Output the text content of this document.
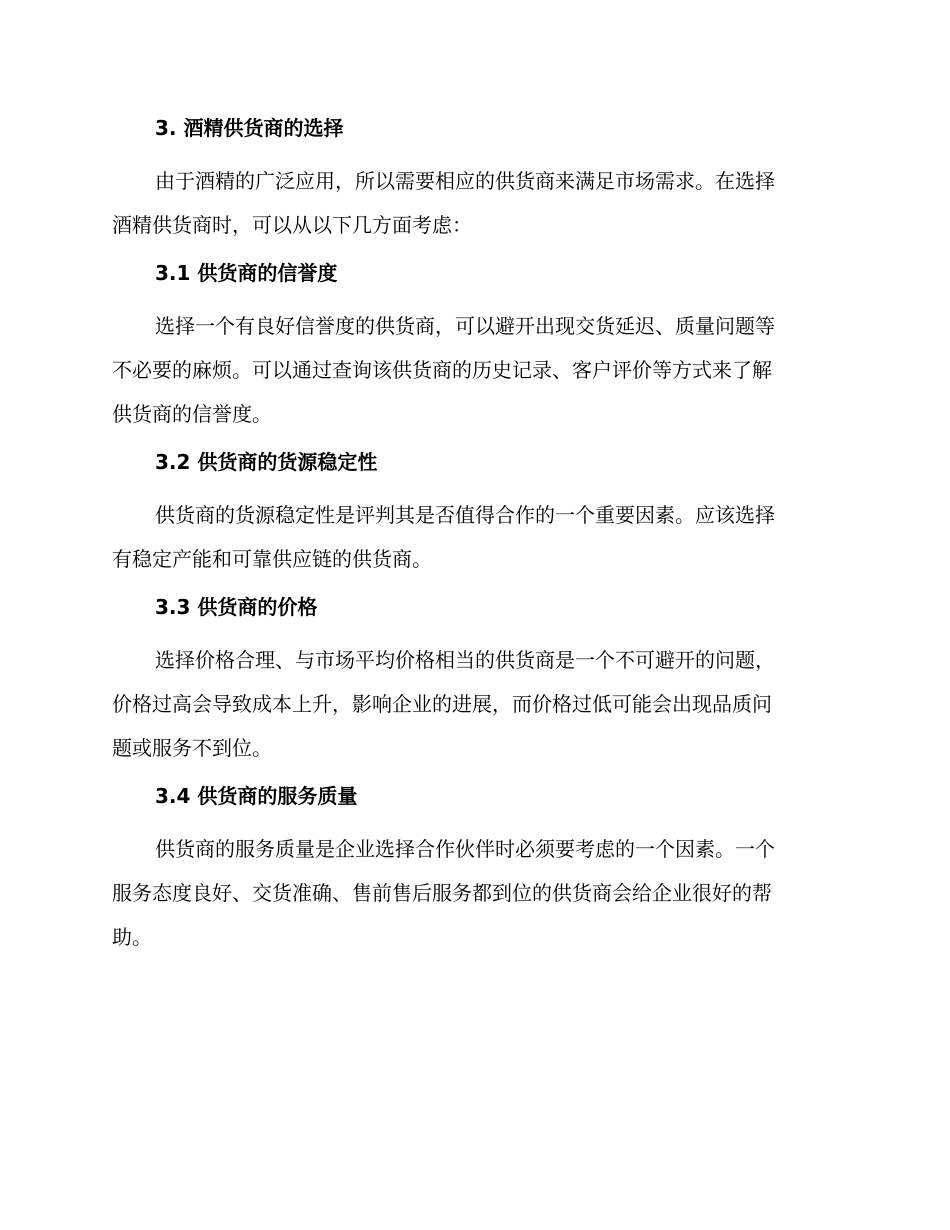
3. 酒精供货商的选择
由于酒精的广泛应用，所以需要相应的供货商来满足市场需求。在选择
酒精供货商时，可以从以下几方面考虑：
3.1 供货商的信誉度
选择一个有良好信誉度的供货商，可以避开出现交货延迟、质量问题等
不必要的麻烦。可以通过查询该供货商的历史记录、客户评价等方式来了解
供货商的信誉度。
3.2 供货商的货源稳定性
供货商的货源稳定性是评判其是否值得合作的一个重要因素。应该选择
有稳定产能和可靠供应链的供货商。
3.3 供货商的价格
选择价格合理、与市场平均价格相当的供货商是一个不可避开的问题，
价格过高会导致成本上升，影响企业的进展，而价格过低可能会出现品质问
题或服务不到位。
3.4 供货商的服务质量
供货商的服务质量是企业选择合作伙伴时必须要考虑的一个因素。一个
服务态度良好、交货准确、售前售后服务都到位的供货商会给企业很好的帮
助。
